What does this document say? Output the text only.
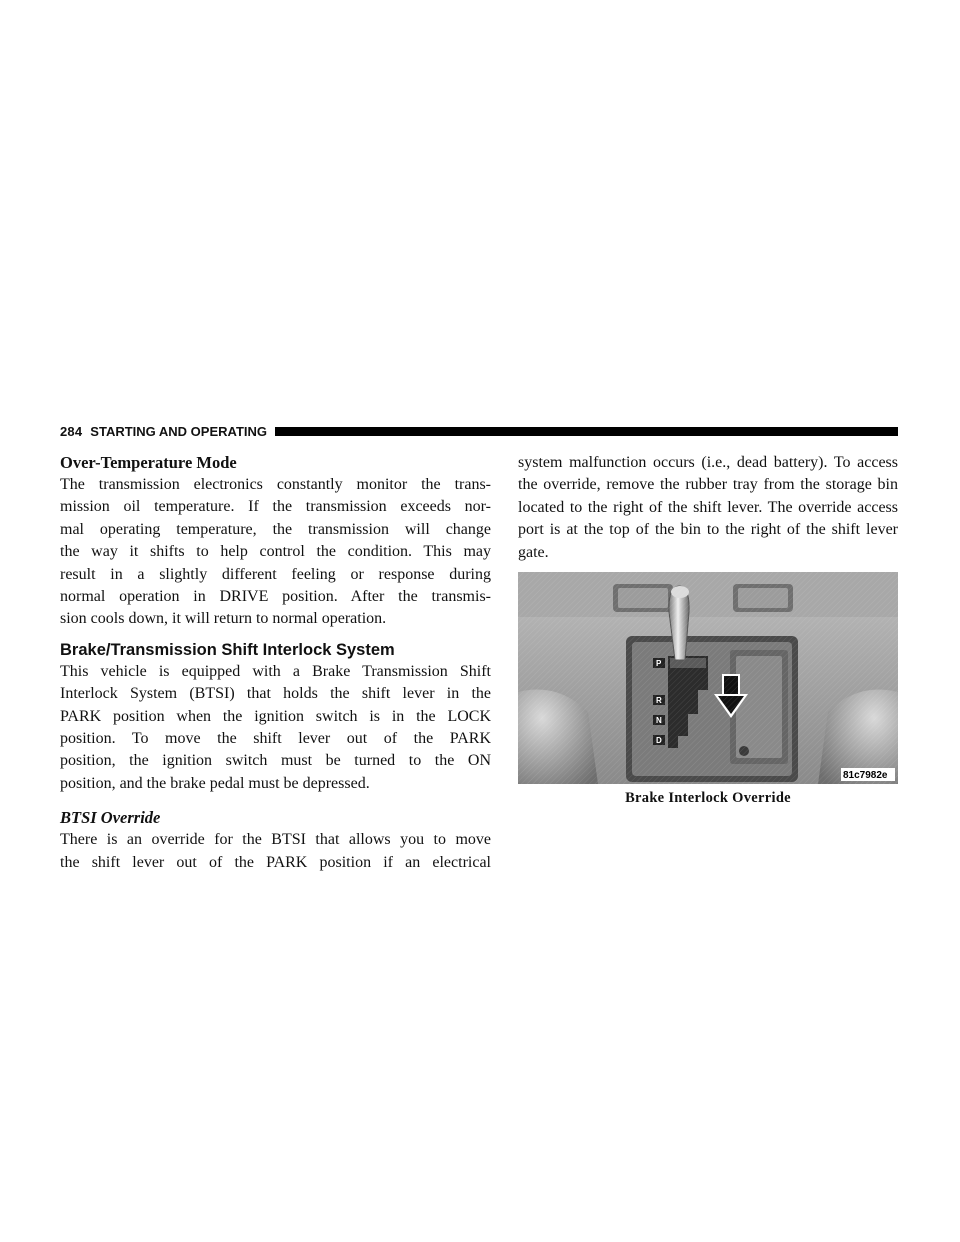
284 STARTING AND OPERATING
Over-Temperature Mode
The transmission electronics constantly monitor the trans-
mission oil temperature. If the transmission exceeds nor-
mal operating temperature, the transmission will change
the way it shifts to help control the condition. This may
result in a slightly different feeling or response during
normal operation in DRIVE position. After the transmis-
sion cools down, it will return to normal operation.
Brake/Transmission Shift Interlock System
This vehicle is equipped with a Brake Transmission Shift
Interlock System (BTSI) that holds the shift lever in the
PARK position when the ignition switch is in the LOCK
position. To move the shift lever out of the PARK
position, the ignition switch must be turned to the ON
position, and the brake pedal must be depressed.
BTSI Override
There is an override for the BTSI that allows you to move
the shift lever out of the PARK position if an electrical
system malfunction occurs (i.e., dead battery). To access
the override, remove the rubber tray from the storage bin
located to the right of the shift lever. The override access
port is at the top of the bin to the right of the shift lever
gate.
81c7982e
Brake Interlock Override
